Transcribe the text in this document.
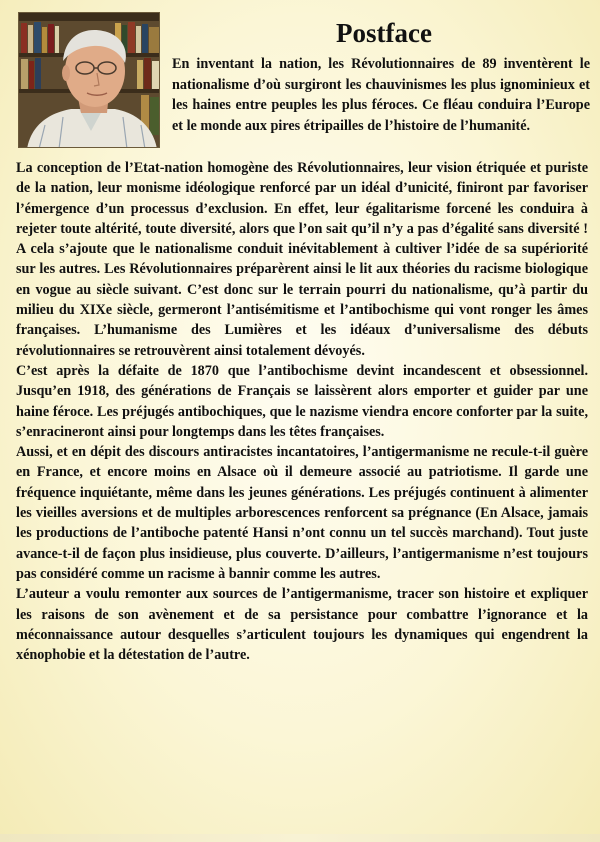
Postface

En inventant la nation, les Révolutionnaires de 89 inventèrent le nationalisme d’où surgiront les chauvinismes les plus ignominieux et les haines entre peuples les plus féroces. Ce fléau conduira l’Europe et le monde aux pires étripailles de l’histoire de l’humanité.

La conception de l’Etat-nation homogène des Révolutionnaires, leur vision étriquée et puriste de la nation, leur monisme idéologique renforcé par un idéal d’unicité, finiront par favoriser l’émergence d’un processus d’exclusion. En effet, leur égalitarisme forcené les conduira à rejeter toute altérité, toute diversité, alors que l’on sait qu’il n’y a pas d’égalité sans diversité ! A cela s’ajoute que le nationalisme conduit inévitablement à cultiver l’idée de sa supériorité sur les autres. Les Révolutionnaires préparèrent ainsi le lit aux théories du racisme biologique en vogue au siècle suivant. C’est donc sur le terrain pourri du nationalisme, qu’à partir du milieu du XIXe siècle, germeront l’antisémitisme et l’antibochisme qui vont ronger les âmes françaises. L’humanisme des Lumières et les idéaux d’universalisme des débuts révolutionnaires se retrouvèrent ainsi totalement dévoyés.

C’est après la défaite de 1870 que l’antibochisme devint incandescent et obsessionnel. Jusqu’en 1918, des générations de Français se laissèrent alors emporter et guider par une haine féroce. Les préjugés antibochiques, que le nazisme viendra encore conforter par la suite, s’enracineront ainsi pour longtemps dans les têtes françaises.

Aussi, et en dépit des discours antiracistes incantatoires, l’antigermanisme ne recule-t-il guère en France, et encore moins en Alsace où il demeure associé au patriotisme. Il garde une fréquence inquiétante, même dans les jeunes générations. Les préjugés continuent à alimenter les vieilles aversions et de multiples arborescences renforcent sa prégnance (En Alsace, jamais les productions de l’antiboche patenté Hansi n’ont connu un tel succès marchand). Tout juste avance-t-il de façon plus insidieuse, plus couverte. D’ailleurs, l’antigermanisme n’est toujours pas considéré comme un racisme à bannir comme les autres.

L’auteur a voulu remonter aux sources de l’antigermanisme, tracer son histoire et expliquer les raisons de son avènement et de sa persistance pour combattre l’ignorance et la méconnaissance autour desquelles s’articulent toujours les dynamiques qui engendrent la xénophobie et la détestation de l’autre.
